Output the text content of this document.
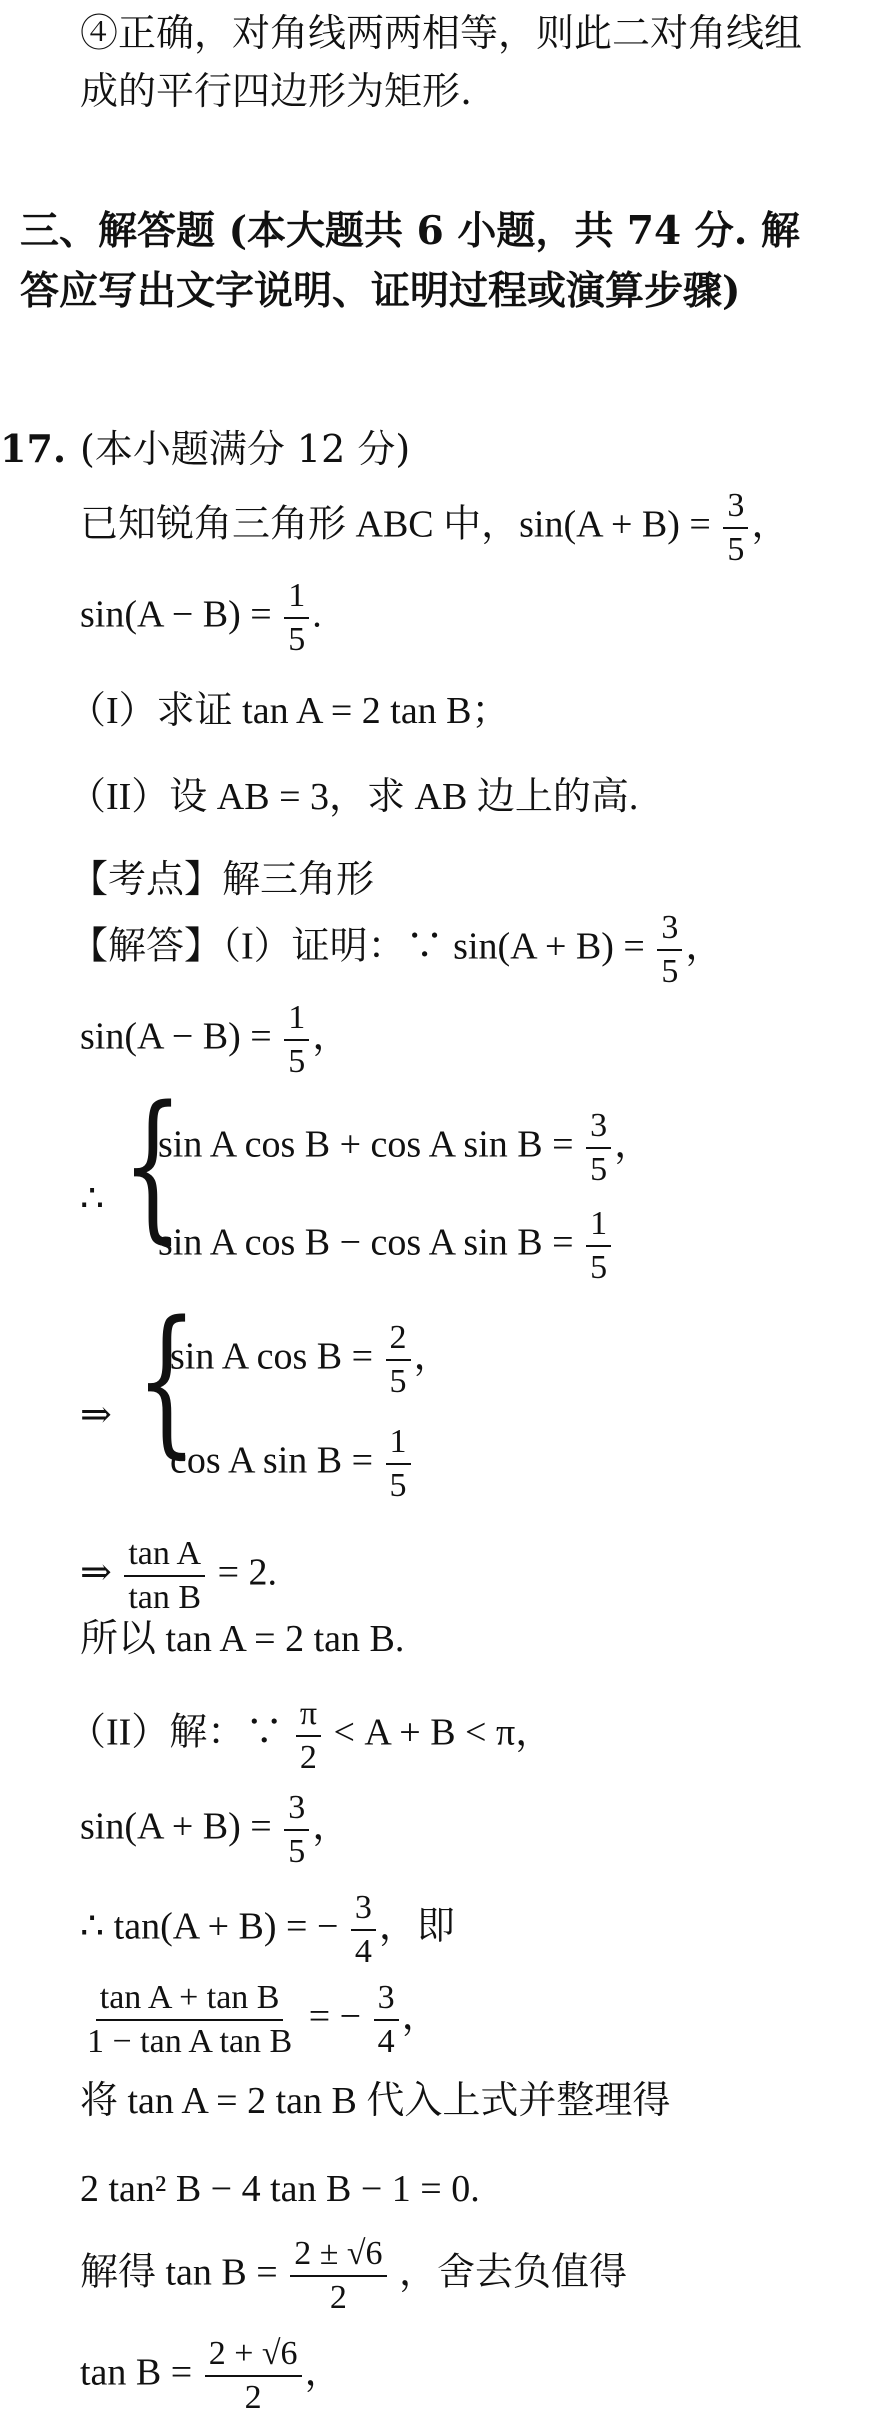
④正确，对角线两两相等，则此二对角线组
成的平行四边形为矩形.
三、解答题 (本大题共 6 小题，共 74 分. 解
答应写出文字说明、证明过程或演算步骤)
17. (本小题满分 12 分)
已知锐角三角形 ABC 中，$\sin(A + B) = \frac{3}{5}$ ，
$\sin(A - B) = \frac{1}{5}$ .
（I）求证 tan A = 2 tan B；
（II）设 AB = 3，求 AB 边上的高.
【考点】解三角形
【解答】（I）证明：∵ $\sin(A + B) = \frac{3}{5}$ ，
$\sin(A - B) = \frac{1}{5}$ ，
∴ {
sin A cos B + cos A $\sin B = \frac{3}{5}$ ，
sin A cos B − cos A $\sin B = \frac{1}{5}$
⇒ {
sin A $\cos B = \frac{2}{5}$ ，
cos A $\sin B = \frac{1}{5}$
⇒ $\frac{\text{tan A}}{\text{tan B}} = 2$.
所以 tan A = 2 tan B.
（II）解：∵ $\frac{\pi}{2} < A + B < \pi$，
$\sin(A + B) = \frac{3}{5}$ ，
∴ tan(A + B) = − $\frac{3}{4}$ ，即
$\frac{\text{tan A + tan B}}{\text{1 − tan A tan B}}$ = − $\frac{3}{4}$ ，
将 tan A = 2 tan B 代入上式并整理得
2 tan² B − 4 tan B − 1 = 0.
解得 $\tan B = \frac{2 \pm √6}{2}$ ，舍去负值得
$\tan B = \frac{2 + √6}{2}$ ，
